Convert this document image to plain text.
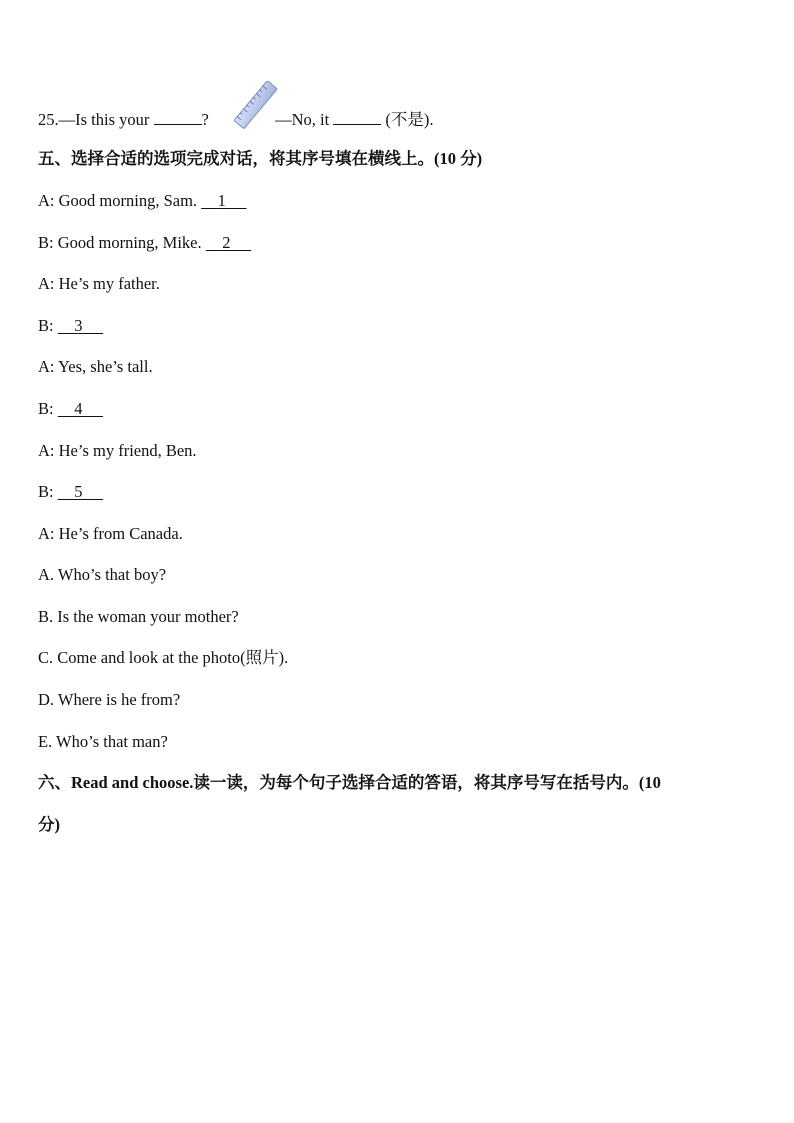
25.—Is this your	?	—No, it	(不是).
五、选择合适的选项完成对话，将其序号填在横线上。(10 分)
A: Good morning, Sam. 1
B: Good morning, Mike. 2
A: He’s my father.
B: 3
A: Yes, she’s tall.
B: 4
A: He’s my friend, Ben.
B: 5
A: He’s from Canada.
A. Who’s that boy?
B. Is the woman your mother?
C. Come and look at the photo(照片).
D. Where is he from?
E. Who’s that man?
六、Read and choose.读一读，为每个句子选择合适的答语，将其序号写在括号内。(10
分)
